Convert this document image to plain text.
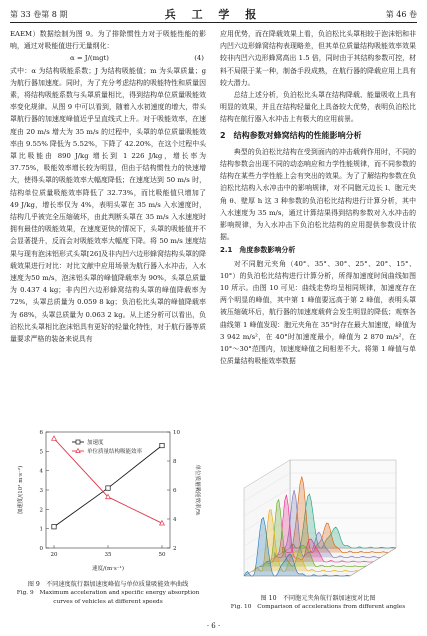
第 33 卷第 8 期	兵 工 学 报	第 46 卷

EAEM）数据绘制为图 9。为了排除惯性力对于吸能性能的影响，通过对吸能值进行无量纲化：

α = J/(mgt)	(4)

式中：α 为结构吸能系数；J 为结构吸能值；m 为头罩质量；g 为航行器加速度。同时，为了充分考虑结构的吸能特性和质量因素，将结构吸能系数与头罩质量相比，得到结构单位质量吸能效率变化规律。从图 9 中可以看到，随着入水初速度的增大，带头罩航行器的加速度峰值近乎呈直线式上升。对于吸能效率，在速度由 20 m/s 增大为 35 m/s 的过程中，头罩的单位质量吸能效率由 9.55% 降低为 5.52%，下降了 42.20%，在这个过程中头罩比吸能由 890 J/kg 增长到 1 226 J/kg，增长率为 37.75%，吸能效率增长较为明显，但由于结构惯性力的快速增大，使得头罩的吸能效率大幅度降低；在速度达到 50 m/s 时，结构单位质量吸能效率降低了 32.73%，而比吸能值只增加了 49 J/kg，增长率仅为 4%，表明头罩在 35 m/s 入水速度时，结构几乎被完全压缩破坏，由此判断头罩在 35 m/s 入水速度时拥有最佳的吸能效果，在速度更快的情况下，头罩的吸能值并不会显著提升，反而会对吸能效率大幅度下降。将 50 m/s 速度结果与现有泡沫铝形式头罩[26]及非内凹六边形蜂窝结构头罩的降载效果进行对比：对比文献中应用场景为航行器入水冲击，入水速度为50 m/s，泡沫铝头罩的峰值降载率为 90%，头罩总质量为 0.437 4 kg；非内凹六边形蜂窝结构头罩的峰值降载率为 72%，头罩总质量为 0.059 8 kg；负泊松比头罩的峰值降载率为 68%，头罩总质量为 0.063 2 kg。从上述分析可以看出，负泊松比头罩相比泡沫铝具有更好的轻量化特性，对于航行器等质量要求严格的装备来说具有

0
1
2
3
4
5
6
2
4
6
8
10
20	35	50
加速度
单位质量结构吸能效率
加速度/(10³ m·s⁻²)	单位质量吸能效率/%
速度/(m·s⁻¹)
图 9　不同速度航行器加速度峰值与单位质量吸能效率曲线
Fig. 9　Maximum acceleration and specific energy absorption curves of vehicles at different speeds

应用优势，而在降载效果上看，负泊松比头罩相较于泡沫铝和非内凹六边形蜂窝结构表现略差，但其单位质量结构吸能效率效果较非内凹六边形蜂窝高出 1.5 倍，同时由于其结构参数可控，材料不局限于某一种，制备手段成熟，在航行器的降载应用上具有较大潜力。

总结上述分析，负泊松比头罩在结构降载、能量吸收上具有明显的效果，并且在结构轻量化上具备较大优势，表明负泊松比结构在航行器入水冲击上有极大的应用前景。

2　结构参数对蜂窝结构的性能影响分析

典型的负泊松比结构在受到面内的冲击载荷作用时，不同的结构参数会出现不同的动态响应和力学性能规律，而不同参数的结构在某些力学性能上会有突出的效果。为了了解结构参数在负泊松比结构入水冲击中的影响规律，对不同胞元边长 l、胞元夹角 θ、壁厚 h 这 3 种参数的负泊松比结构进行计算分析，其中入水速度为 35 m/s，通过计算结果得到结构参数对入水冲击的影响规律，为入水冲击下负泊松比结构的应用提供参数设计依据。

2.1　角度参数影响分析

对不同胞元夹角（40°、35°、30°、25°、20°、15°、10°）的负泊松比结构进行计算分析，所得加速度时间曲线如图 10 所示。由图 10 可见：曲线走势均呈相同规律，加速度存在两个明显的峰值，其中第 1 峰值要远高于第 2 峰值，表明头罩被压缩破坏后，航行器的加速度载荷会发生明显的降低；观察各曲线第 1 峰值发现：胞元夹角在 35°时存在最大加速度，峰值为 3 942 m/s²，在 40°时加速度最小，峰值为 2 870 m/s²，在10°～30°范围内，加速度峰值之间相差不大。将第 1 峰值与单位质量结构吸能效率数据

图 10　不同胞元夹角航行器加速度对比图
Fig. 10　Comparison of accelerations from different angles
· 6 ·
